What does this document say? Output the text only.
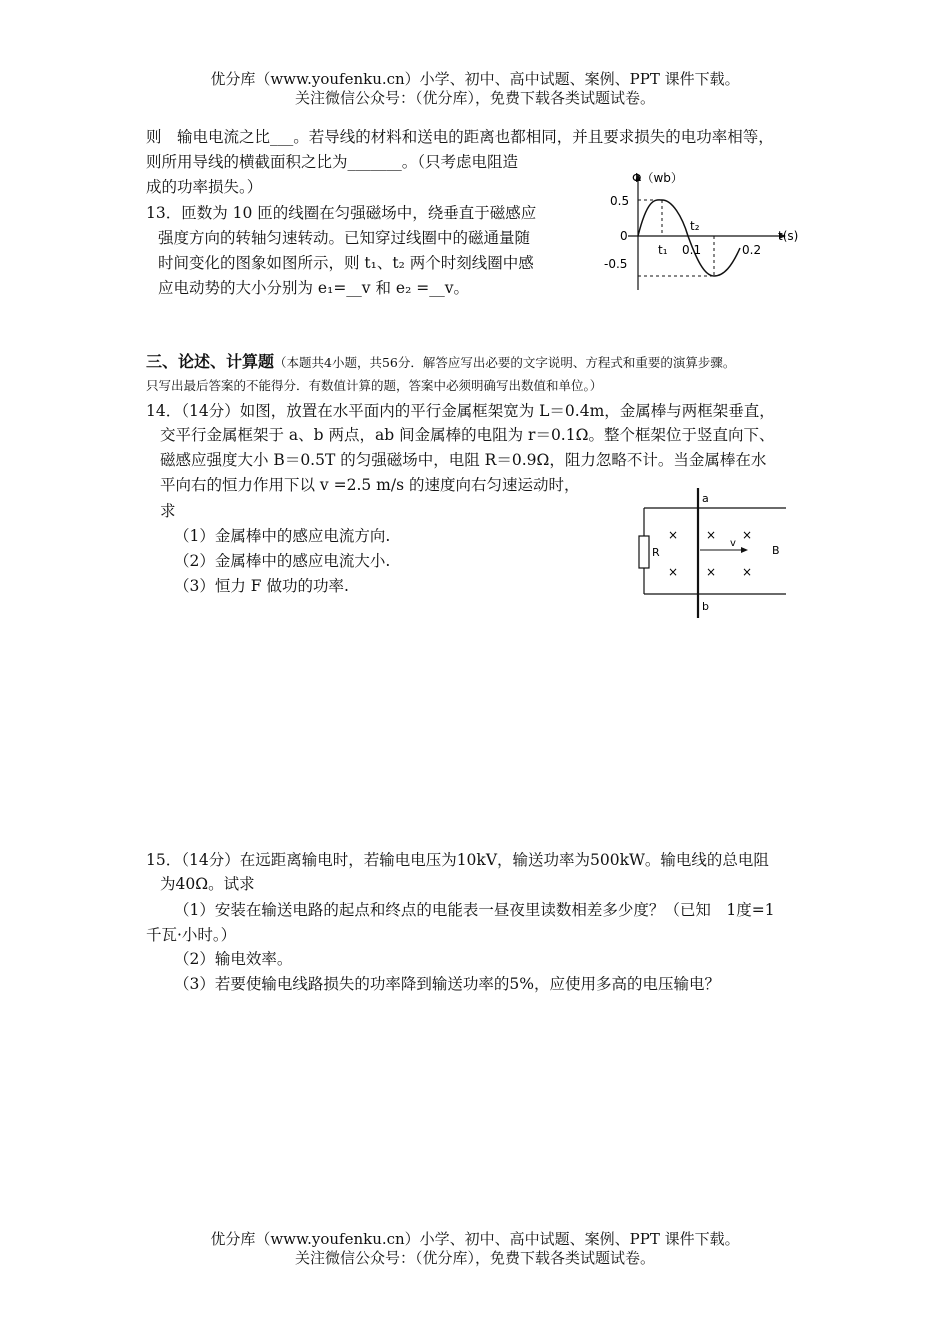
优分库（www.youfenku.cn）小学、初中、高中试题、案例、PPT 课件下载。
关注微信公众号：（优分库），免费下载各类试题试卷。
则　输电电流之比___。若导线的材料和送电的距离也都相同，并且要求损失的电功率相等，
则所用导线的横截面积之比为_______。（只考虑电阻造
成的功率损失。）
13．匝数为 10 匝的线圈在匀强磁场中，绕垂直于磁感应
强度方向的转轴匀速转动。已知穿过线圈中的磁通量随
时间变化的图象如图所示，则 t₁、t₂ 两个时刻线圈中感
应电动势的大小分别为 e₁=__v 和 e₂ =__v。
Φ（wb）
0.5
0
-0.5
t₁
t₂
0.1	0.2
t(s)
三、论述、计算题（本题共4小题，共56分．解答应写出必要的文字说明、方程式和重要的演算步骤。
只写出最后答案的不能得分．有数值计算的题，答案中必须明确写出数值和单位。）
14．（14分）如图，放置在水平面内的平行金属框架宽为 L＝0.4m，金属棒与两框架垂直，
交平行金属框架于 a、b 两点，ab 间金属棒的电阻为 r＝0.1Ω。整个框架位于竖直向下、
磁感应强度大小 B＝0.5T 的匀强磁场中，电阻 R＝0.9Ω，阻力忽略不计。当金属棒在水
平向右的恒力作用下以 v =2.5 m/s 的速度向右匀速运动时，
求
（1）金属棒中的感应电流方向.
（2）金属棒中的感应电流大小.
（3）恒力 F 做功的功率.
R
a
b
×
×
×
×
×
×
v
B
15．（14分）在远距离输电时，若输电电压为10kV，输送功率为500kW。输电线的总电阻
为40Ω。试求
（1）安装在输送电路的起点和终点的电能表一昼夜里读数相差多少度？（已知　1度=1
千瓦·小时。）
（2）输电效率。
（3）若要使输电线路损失的功率降到输送功率的5%，应使用多高的电压输电？
优分库（www.youfenku.cn）小学、初中、高中试题、案例、PPT 课件下载。
关注微信公众号：（优分库），免费下载各类试题试卷。
